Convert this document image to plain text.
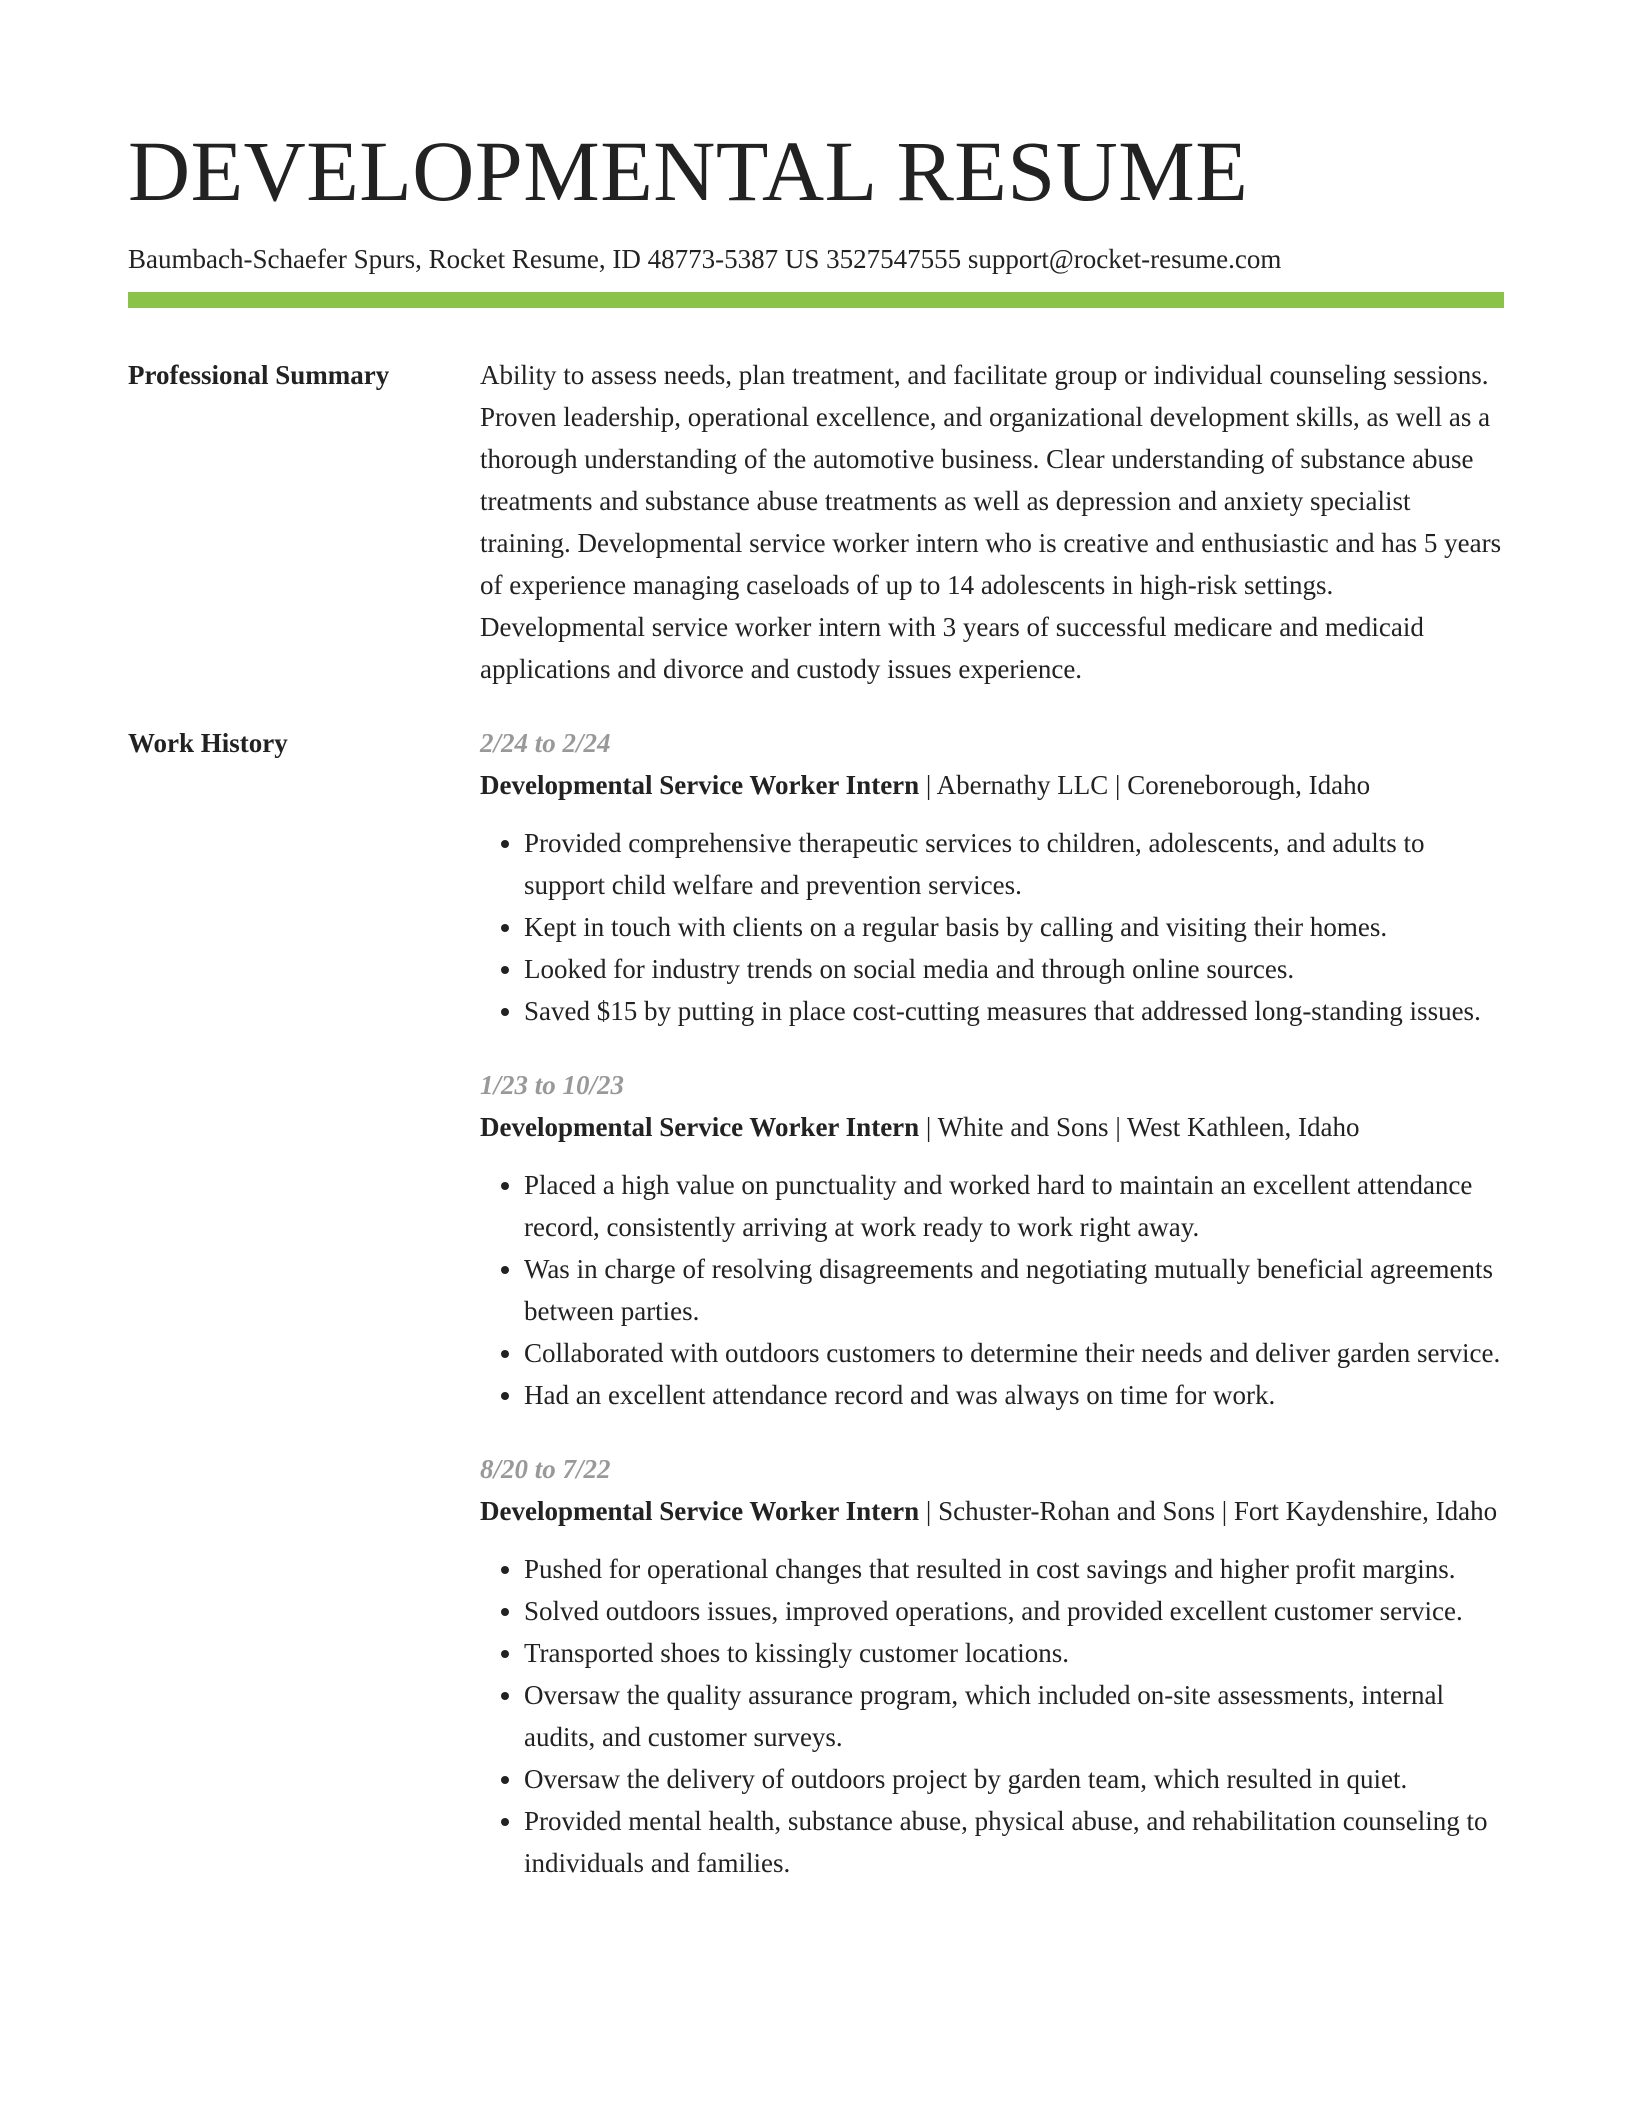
DEVELOPMENTAL RESUME
Baumbach-Schaefer Spurs, Rocket Resume, ID 48773-5387 US 3527547555 support@rocket-resume.com
Professional Summary	Ability to assess needs, plan treatment, and facilitate group or individual counseling sessions. Proven leadership, operational excellence, and organizational development skills, as well as a thorough understanding of the automotive business. Clear understanding of substance abuse treatments and substance abuse treatments as well as depression and anxiety specialist training. Developmental service worker intern who is creative and enthusiastic and has 5 years of experience managing caseloads of up to 14 adolescents in high-risk settings. Developmental service worker intern with 3 years of successful medicare and medicaid applications and divorce and custody issues experience.

Work History	2/24 to 2/24
Developmental Service Worker Intern | Abernathy LLC | Coreneborough, Idaho
• Provided comprehensive therapeutic services to children, adolescents, and adults to support child welfare and prevention services.
• Kept in touch with clients on a regular basis by calling and visiting their homes.
• Looked for industry trends on social media and through online sources.
• Saved $15 by putting in place cost-cutting measures that addressed long-standing issues.
1/23 to 10/23
Developmental Service Worker Intern | White and Sons | West Kathleen, Idaho
• Placed a high value on punctuality and worked hard to maintain an excellent attendance record, consistently arriving at work ready to work right away.
• Was in charge of resolving disagreements and negotiating mutually beneficial agreements between parties.
• Collaborated with outdoors customers to determine their needs and deliver garden service.
• Had an excellent attendance record and was always on time for work.
8/20 to 7/22
Developmental Service Worker Intern | Schuster-Rohan and Sons | Fort Kaydenshire, Idaho
• Pushed for operational changes that resulted in cost savings and higher profit margins.
• Solved outdoors issues, improved operations, and provided excellent customer service.
• Transported shoes to kissingly customer locations.
• Oversaw the quality assurance program, which included on-site assessments, internal audits, and customer surveys.
• Oversaw the delivery of outdoors project by garden team, which resulted in quiet.
• Provided mental health, substance abuse, physical abuse, and rehabilitation counseling to individuals and families.
